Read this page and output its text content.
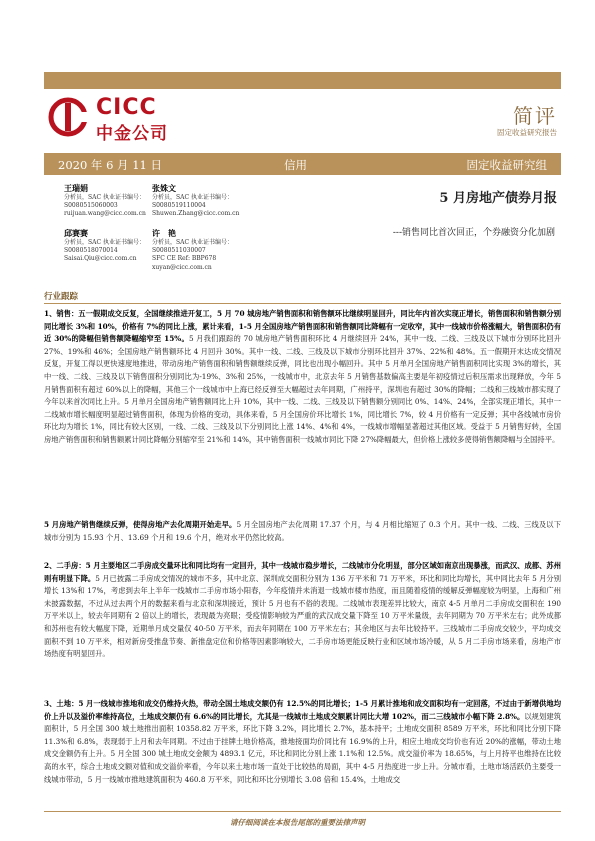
CICC
中金公司
简评
固定收益研究报告
2020 年 6 月 11 日	信用	固定收益研究组
王瑞娟
分析员，SAC 执业证书编号：
S0080515060003
ruijuan.wang@cicc.com.cn
张姝文
分析员，SAC 执业证书编号：
S0080519110004
Shuwen.Zhang@cicc.com.cn
邱赛赛
分析员，SAC 执业证书编号：
S0080518070014
Saisai.Qiu@cicc.com.cn
许　艳
分析员，SAC 执业证书编号：
S0080511030007
SFC CE Ref: BBP678
xuyan@cicc.com.cn
5 月房地产债券月报
---销售同比首次回正，个券融资分化加剧
行业跟踪
1、销售：五一假期成交反复，全国继续推进开复工，5 月 70 城房地产销售面积和销售额环比继续明显回升，同比年内首次实现正增长，销售面积和销售额分别同比增长 3%和 10%，价格有 7%的同比上涨，累计来看，1-5 月全国房地产销售面积和销售额同比降幅有一定收窄，其中一线城市价格涨幅大，销售面积仍有近 30%的降幅但销售额降幅缩窄至 15%。5 月我们跟踪的 70 城房地产销售面积环比 4 月继续回升 24%，其中一线、二线、三线及以下城市分别环比回升 27%、19%和 46%；全国房地产销售额环比 4 月回升 30%。其中一线、二线、三线及以下城市分别环比回升 37%、22%和 48%。五一假期开末达成交情况反复，开复工得以更快速度地推进，带动房地产销售面积和销售额继续反弹，同比也出现小幅回升。其中 5 月单月全国房地产销售面积同比实现 3%的增长，其中一线、二线、三线及以下销售面积分别同比为-19%、3%和 25%，一线城市中，北京去年 5 月销售基数偏高主要是年初疫情过后积压需求出现释放，今年 5 月销售面积有超过 60%以上的降幅，其他三个一线城市中上海已经反弹至大幅超过去年同期，广州持平，深圳也有超过 30%的降幅；二线和三线城市都实现了今年以来首次同比上升。5 月单月全国房地产销售额同比上升 10%，其中一线、二线、三线及以下销售额分别同比 0%、14%、24%，全部实现正增长，其中一二线城市增长幅度明显超过销售面积，体现为价格的变动，具体来看，5 月全国房价环比增长 1%，同比增长 7%，较 4 月价格有一定反弹；其中各线城市房价环比均为增长 1%，同比有较大区别，一线、二线、三线及以下分别同比上涨 14%、4%和 4%，一线城市增幅显著超过其他区域。受益于 5 月销售好转，全国房地产销售面积和销售额累计同比降幅分别缩窄至 21%和 14%，其中销售面积一线城市同比下降 27%降幅最大，但价格上涨较多使得销售额降幅与全国持平。
5 月房地产销售继续反弹，使得房地产去化周期开始走早。5 月全国房地产去化周期 17.37 个月，与 4 月相比缩短了 0.3 个月。其中一线、二线、三线及以下城市分别为 15.93 个月、13.69 个月和 19.6 个月，绝对水平仍然比较高。
2、二手房：5 月主要地区二手房成交量环比和同比均有一定回升，其中一线城市稳步增长，二线城市分化明显，部分区域如南京出现暴涨，而武汉、成都、苏州则有明显下降。5 月已披露二手房成交情况的城市不多，其中北京、深圳成交面积分别为 136 万平米和 71 万平米，环比和同比均增长，其中同比去年 5 月分别增长 13%和 17%，考虑到去年上半年一线城市二手房市场小阳春，今年疫情并未消退一线城市楼市热度，而且随着疫情的缓解反弹幅度较为明显，上海和广州未披露数据，不过从过去两个月的数据来看与北京和深圳接近，预计 5 月也有不俗的表现。二线城市表现差异比较大，南京 4-5 月单月二手房成交面积在 190 万平米以上，较去年同期有 2 倍以上的增长，表现最为亮眼；受疫情影响较为严重的武汉成交量下降至 10 万平米量级，去年同期为 70 万平米左右；此外成都和苏州也有较大幅度下降，近期单月成交量仅 40-50 万平米，而去年同期在 100 万平米左右；其余地区与去年比较持平。三线城市二手房成交较少，平均成交面积不到 10 万平米，相对新房受推盘节奏、新推盘定位和价格等因素影响较大，二手房市场更能反映行业和区域市场冷暖，从 5 月二手房市场来看，房地产市场热度有明显回升。
3、土地：5 月一线城市推地和成交仍维持火热，带动全国土地成交额仍有 12.5%的同比增长；1-5 月累计推地和成交面积均有一定回落，不过由于新增供地均价上升以及溢价率维持高位，土地成交额仍有 6.6%的同比增长，尤其是一线城市土地成交额累计同比大增 102%，而二三线城市小幅下降 2.8%。以规划建筑面积计，5 月全国 300 城土地推出面积 10358.82 万平米，环比下降 3.2%，同比增长 2.7%，基本持平；土地成交面积 8589 万平米，环比和同比分别下降 11.3%和 6.8%，表现弱于上月和去年同期。不过由于挂牌土地价格高，推地接面均价同比有 16.9%的上升，相应土地成交均价也有近 20%的涨幅，带动土地成交金额仍有上升。5 月全国 300 城土地成交金额为 4893.1 亿元，环比和同比分别上涨 1.1%和 12.5%。成交溢价率为 18.65%，与上月持平也维持在比较高的水平，综合土地成交额对值和成交溢价率看，今年以来土地市场一直处于比较热的局面，其中 4-5 月热度进一步上升。分城市看，土地市场活跃仍主要受一线城市带动，5 月一线城市推地建筑面积为 460.8 万平米，同比和环比分别增长 3.08 倍和 15.4%，土地成交
请仔细阅读在本报告尾部的重要法律声明
